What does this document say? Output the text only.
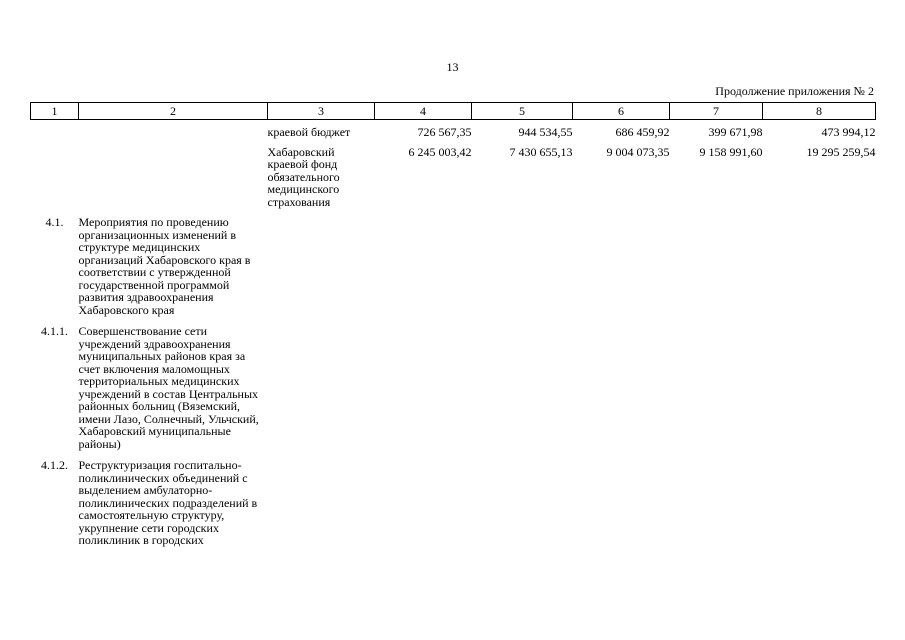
13
Продолжение приложения № 2
1	2	3	4	5	6	7	8

		краевой бюджет	726 567,35	944 534,55	686 459,92	399 671,98	473 994,12
		Хабаровский краевой фонд обязательного медицинского страхования	6 245 003,42	7 430 655,13	9 004 073,35	9 158 991,60	19 295 259,54
4.1.	Мероприятия по проведению организационных изменений в структуре медицинских организаций Хабаровского края в соответствии с утвержденной государственной программой развития здравоохранения Хабаровского края						
4.1.1.	Совершенствование сети учреждений здравоохранения муниципальных районов края за счет включения маломощных территориальных медицинских учреждений в состав Центральных районных больниц (Вяземский, имени Лазо, Солнечный, Ульчский, Хабаровский муниципальные районы)						
4.1.2.	Реструктуризация госпитально-поликлинических объединений с выделением амбулаторно-поликлинических подразделений в самостоятельную структуру, укрупнение сети городских поликлиник в городских						
